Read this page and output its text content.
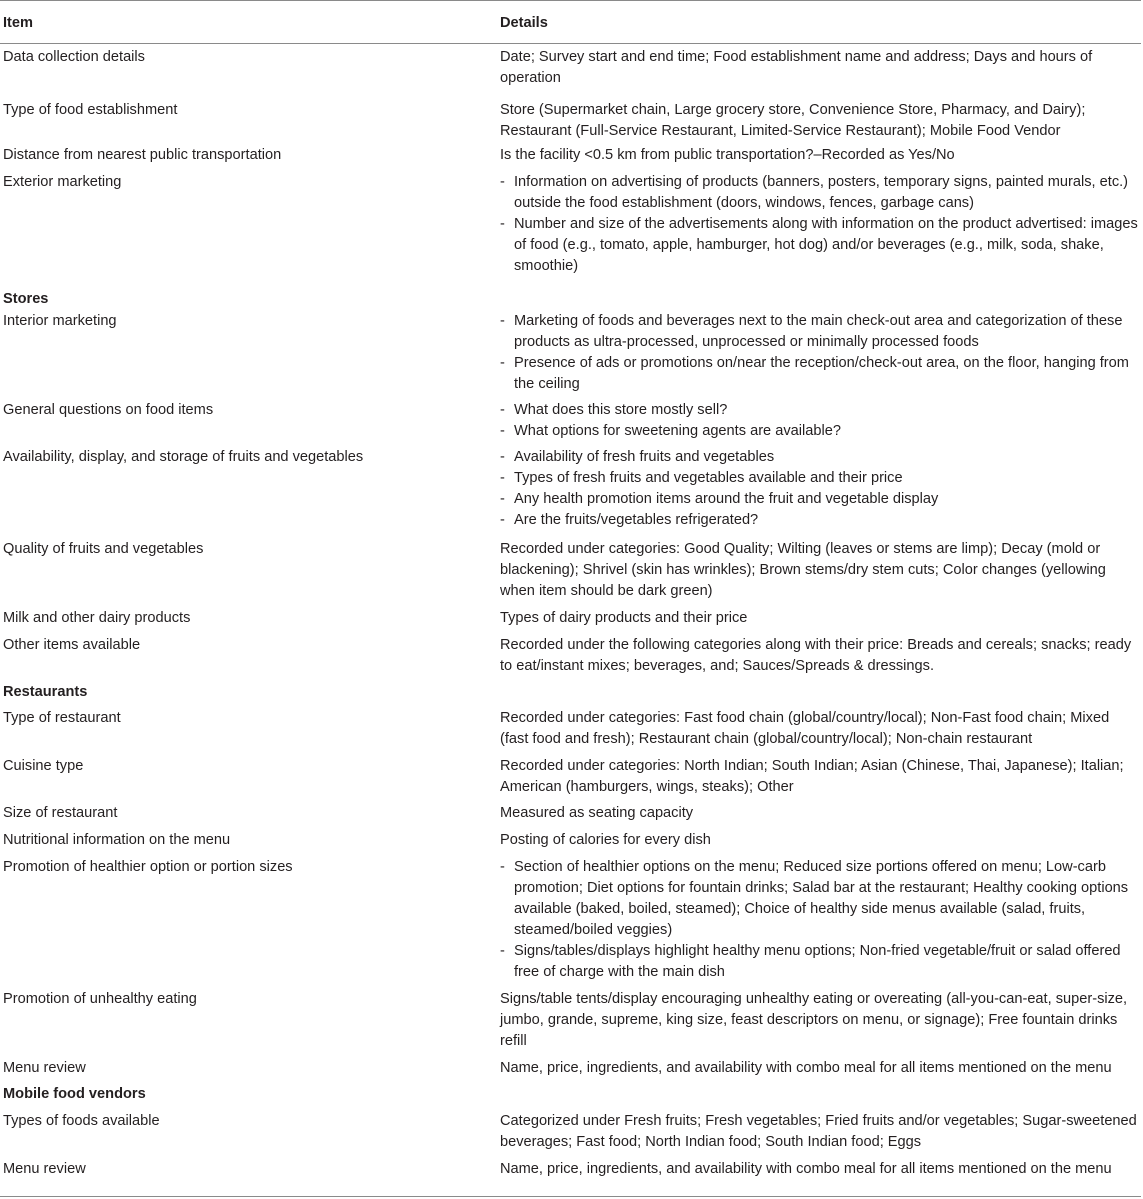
Item	Details
Data collection details	Date; Survey start and end time; Food establishment name and address; Days and hours of operation
Type of food establishment	Store (Supermarket chain, Large grocery store, Convenience Store, Pharmacy, and Dairy); Restaurant (Full-Service Restaurant, Limited-Service Restaurant); Mobile Food Vendor
Distance from nearest public transportation	Is the facility <0.5 km from public transportation?–Recorded as Yes/No
Exterior marketing	- Information on advertising of products (banners, posters, temporary signs, painted murals, etc.) outside the food establishment (doors, windows, fences, garbage cans)
- Number and size of the advertisements along with information on the product advertised: images of food (e.g., tomato, apple, hamburger, hot dog) and/or beverages (e.g., milk, soda, shake, smoothie)
Stores
Interior marketing	- Marketing of foods and beverages next to the main check-out area and categorization of these products as ultra-processed, unprocessed or minimally processed foods
- Presence of ads or promotions on/near the reception/check-out area, on the floor, hanging from the ceiling
General questions on food items	- What does this store mostly sell?
- What options for sweetening agents are available?
Availability, display, and storage of fruits and vegetables	- Availability of fresh fruits and vegetables
- Types of fresh fruits and vegetables available and their price
- Any health promotion items around the fruit and vegetable display
- Are the fruits/vegetables refrigerated?
Quality of fruits and vegetables	Recorded under categories: Good Quality; Wilting (leaves or stems are limp); Decay (mold or blackening); Shrivel (skin has wrinkles); Brown stems/dry stem cuts; Color changes (yellowing when item should be dark green)
Milk and other dairy products	Types of dairy products and their price
Other items available	Recorded under the following categories along with their price: Breads and cereals; snacks; ready to eat/instant mixes; beverages, and; Sauces/Spreads & dressings.
Restaurants
Type of restaurant	Recorded under categories: Fast food chain (global/country/local); Non-Fast food chain; Mixed (fast food and fresh); Restaurant chain (global/country/local); Non-chain restaurant
Cuisine type	Recorded under categories: North Indian; South Indian; Asian (Chinese, Thai, Japanese); Italian; American (hamburgers, wings, steaks); Other
Size of restaurant	Measured as seating capacity
Nutritional information on the menu	Posting of calories for every dish
Promotion of healthier option or portion sizes	- Section of healthier options on the menu; Reduced size portions offered on menu; Low-carb promotion; Diet options for fountain drinks; Salad bar at the restaurant; Healthy cooking options available (baked, boiled, steamed); Choice of healthy side menus available (salad, fruits, steamed/boiled veggies)
- Signs/tables/displays highlight healthy menu options; Non-fried vegetable/fruit or salad offered free of charge with the main dish
Promotion of unhealthy eating	Signs/table tents/display encouraging unhealthy eating or overeating (all-you-can-eat, super-size, jumbo, grande, supreme, king size, feast descriptors on menu, or signage); Free fountain drinks refill
Menu review	Name, price, ingredients, and availability with combo meal for all items mentioned on the menu
Mobile food vendors
Types of foods available	Categorized under Fresh fruits; Fresh vegetables; Fried fruits and/or vegetables; Sugar-sweetened beverages; Fast food; North Indian food; South Indian food; Eggs
Menu review	Name, price, ingredients, and availability with combo meal for all items mentioned on the menu
